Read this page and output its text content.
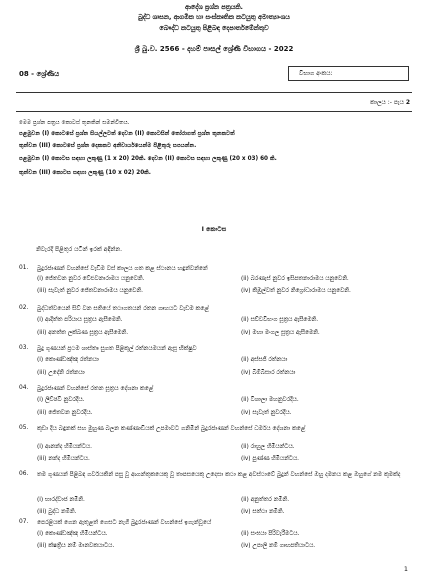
ආදේශ ප්‍රශ්න පත්‍රයකි.
බුද්ධ ශාසන, ආගමික හා සංස්කෘතික කටයුතු අමාත්‍යාංශය
බෞද්ධ කටයුතු පිළිබඳ දෙපාර්තමේන්තුව
ශ්‍රී බු.ව. 2566 - දහම් පාසල් ශ්‍රේණි විභාගය - 2022
08 - ශ්‍රේණිය	විභාග අංකය:
කාලය :- පැය 2
මෙම ප්‍රශ්න පත්‍රය කොටස් තුනකින් සමන්විතය.
පළමුවන (I) කොටසේ ප්‍රශ්න සියල්ලටත් දෙවන (II) කොටසින් තෝරාගත් ප්‍රශ්න තුනකටත්
තුන්වන (III) කොටසේ ප්‍රශ්න දෙකකට අනිවාර්යයෙන්ම පිළිතුරු සපයන්න.
පළමුවන (I) කොටස සඳහා ලකුණු (1 x 20) 20කි. දෙවන (II) කොටස සඳහා ලකුණු (20 x 03) 60 කි.
තුන්වන (III) කොටස සඳහා ලකුණු (10 x 02) 20කි.
I කොටස
නිවැරදි පිළිතුර යටින් ඉරක් අඳින්න.
01. බුදුරජාණන් වහන්සේ වැඩිම වස් කාලය ගත කළ ස්ථානය හඳුන්වන්නේ
(i) ජේතවන නුවර වේළුවනාරාමය යනුවෙනි.	(ii) බරණැස් නුවර ඉසිපතනාරාමය යනුවෙනි.
(iii) සැවැත් නුවර ජේතවනාරාමය යනුවෙනි.	(iv) කිඹුල්වත් නුවර නිග්‍රෝධාරාමය යනුවෙනි.
02. බුද්ධත්වයෙන් සිව් වන සතියේ තථාගතයන් රතන ගෘහයට වැඩම කළේ
(i) ආදිත්ත පරියාය සූත්‍රය ඇසීමෙනි.	(ii) සච්චවිභංග සූත්‍රය ඇසීමෙනි.
(iii) අනත්ත ලක්ඛණ සූත්‍රය ඇසීමෙනි.	(iv) මහා මංගල සූත්‍රය ඇසීමෙනි.
03. බුදු ගුණයන් ප්‍රථම ශාස්තෘ සුගත පිළිකුල් රත්නයමයන් ඇසූ භික්ෂුව
(i) කොණ්ඩඤ්ඤ රත්නයා	(ii) අස්සජි රත්නයා
(iii) උදේනි රත්නයා	(iv) බිම්බිසාර රත්නයා
04. බුදුරජාණන් වහන්සේ රතන සූත්‍රය දේශනා කළේ
(i) ලිච්ඡවි නුවරදීය.	(ii) විශාලා මහනුවරදීය.
(iii) ජේතවන නුවරදීය.	(iv) සැවැත් නුවරදීය.
05. කුඩා දිය බඳුනක් සහ මුහුණ බලන කණ්ණාඩියක් උපමාවට ගනිමින් බුදුරජාණන් වහන්සේ ධර්මය දේශනා කළේ
(i) ආනන්ද හිමියන්ටය.	(ii) රාහුල හිමියන්ටය.
(iii) නන්ද හිමියන්ටය.	(iv) පුණ්ණ හිමියන්ටය.
06. තම ගුණයන් පිළිබඳ ගර්වයකින් පසු වූ ආගන්තුකයෙකු වූ තාපසයෙකු උදෙසා කථා කළ අවස්ථාවේ බුදුන් වහන්සේ ඔහු දමනය කළ ඔහුගේ නම කුමක්ද
(i) භාරද්වාජ නමිනි.	(ii) අනුත්තර නමිනි.
(iii) බුද්ධ නමිනි.	(iv) සත්ථා නමිනි.
07. පෙරළියක් ගෙන ඇතුළත් ගෙසට නැගී බුදුරජාණන් වහන්සේ ඉගැන්වූයේ
(i) කොණ්ඩඤ්ඤ හිමියන්ටය.	(ii) සංඝයා පිරිවැරීමටය.
(iii) ක්ෂත්‍රිය නම් මානවකයාටය.	(iv) උපාලි නම් ගෘහපතියාටය.
1
